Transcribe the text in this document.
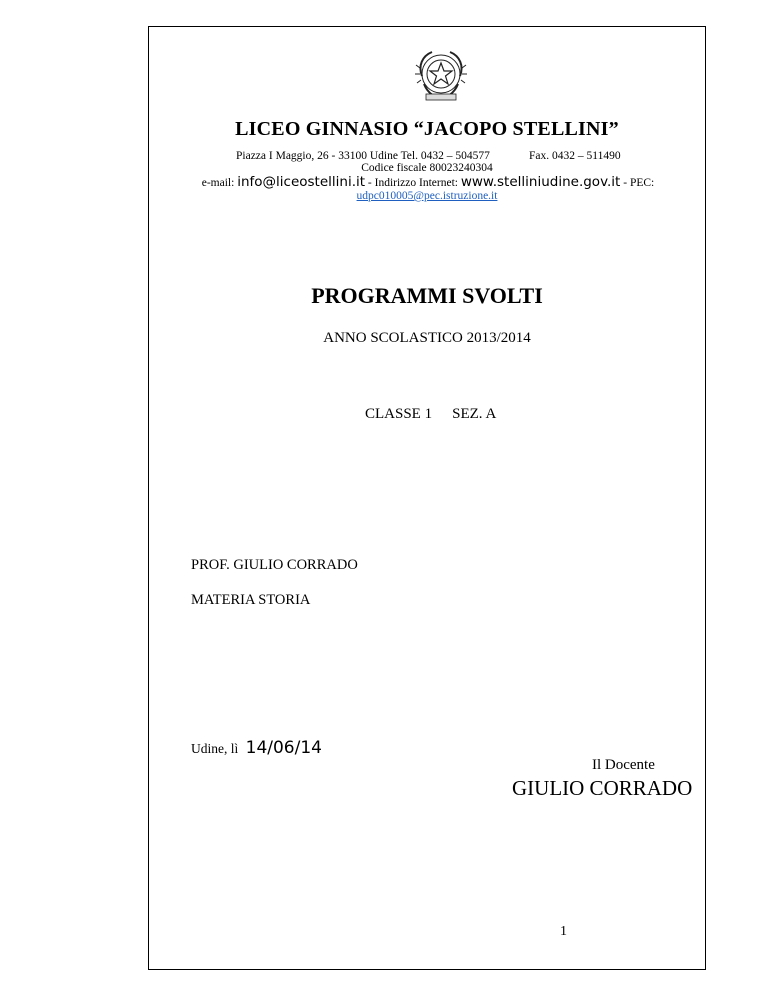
LICEO GINNASIO “JACOPO STELLINI”
Piazza I Maggio, 26 - 33100 Udine Tel. 0432 – 504577	Fax. 0432 – 511490
Codice fiscale 80023240304
e-mail: info@liceostellini.it - Indirizzo Internet: www.stelliniudine.gov.it - PEC:
udpc010005@pec.istruzione.it
PROGRAMMI SVOLTI
ANNO SCOLASTICO 2013/2014
CLASSE 1 SEZ. A
PROF. GIULIO CORRADO
MATERIA STORIA
Udine, lì 14/06/14
Il Docente
GIULIO CORRADO
1
